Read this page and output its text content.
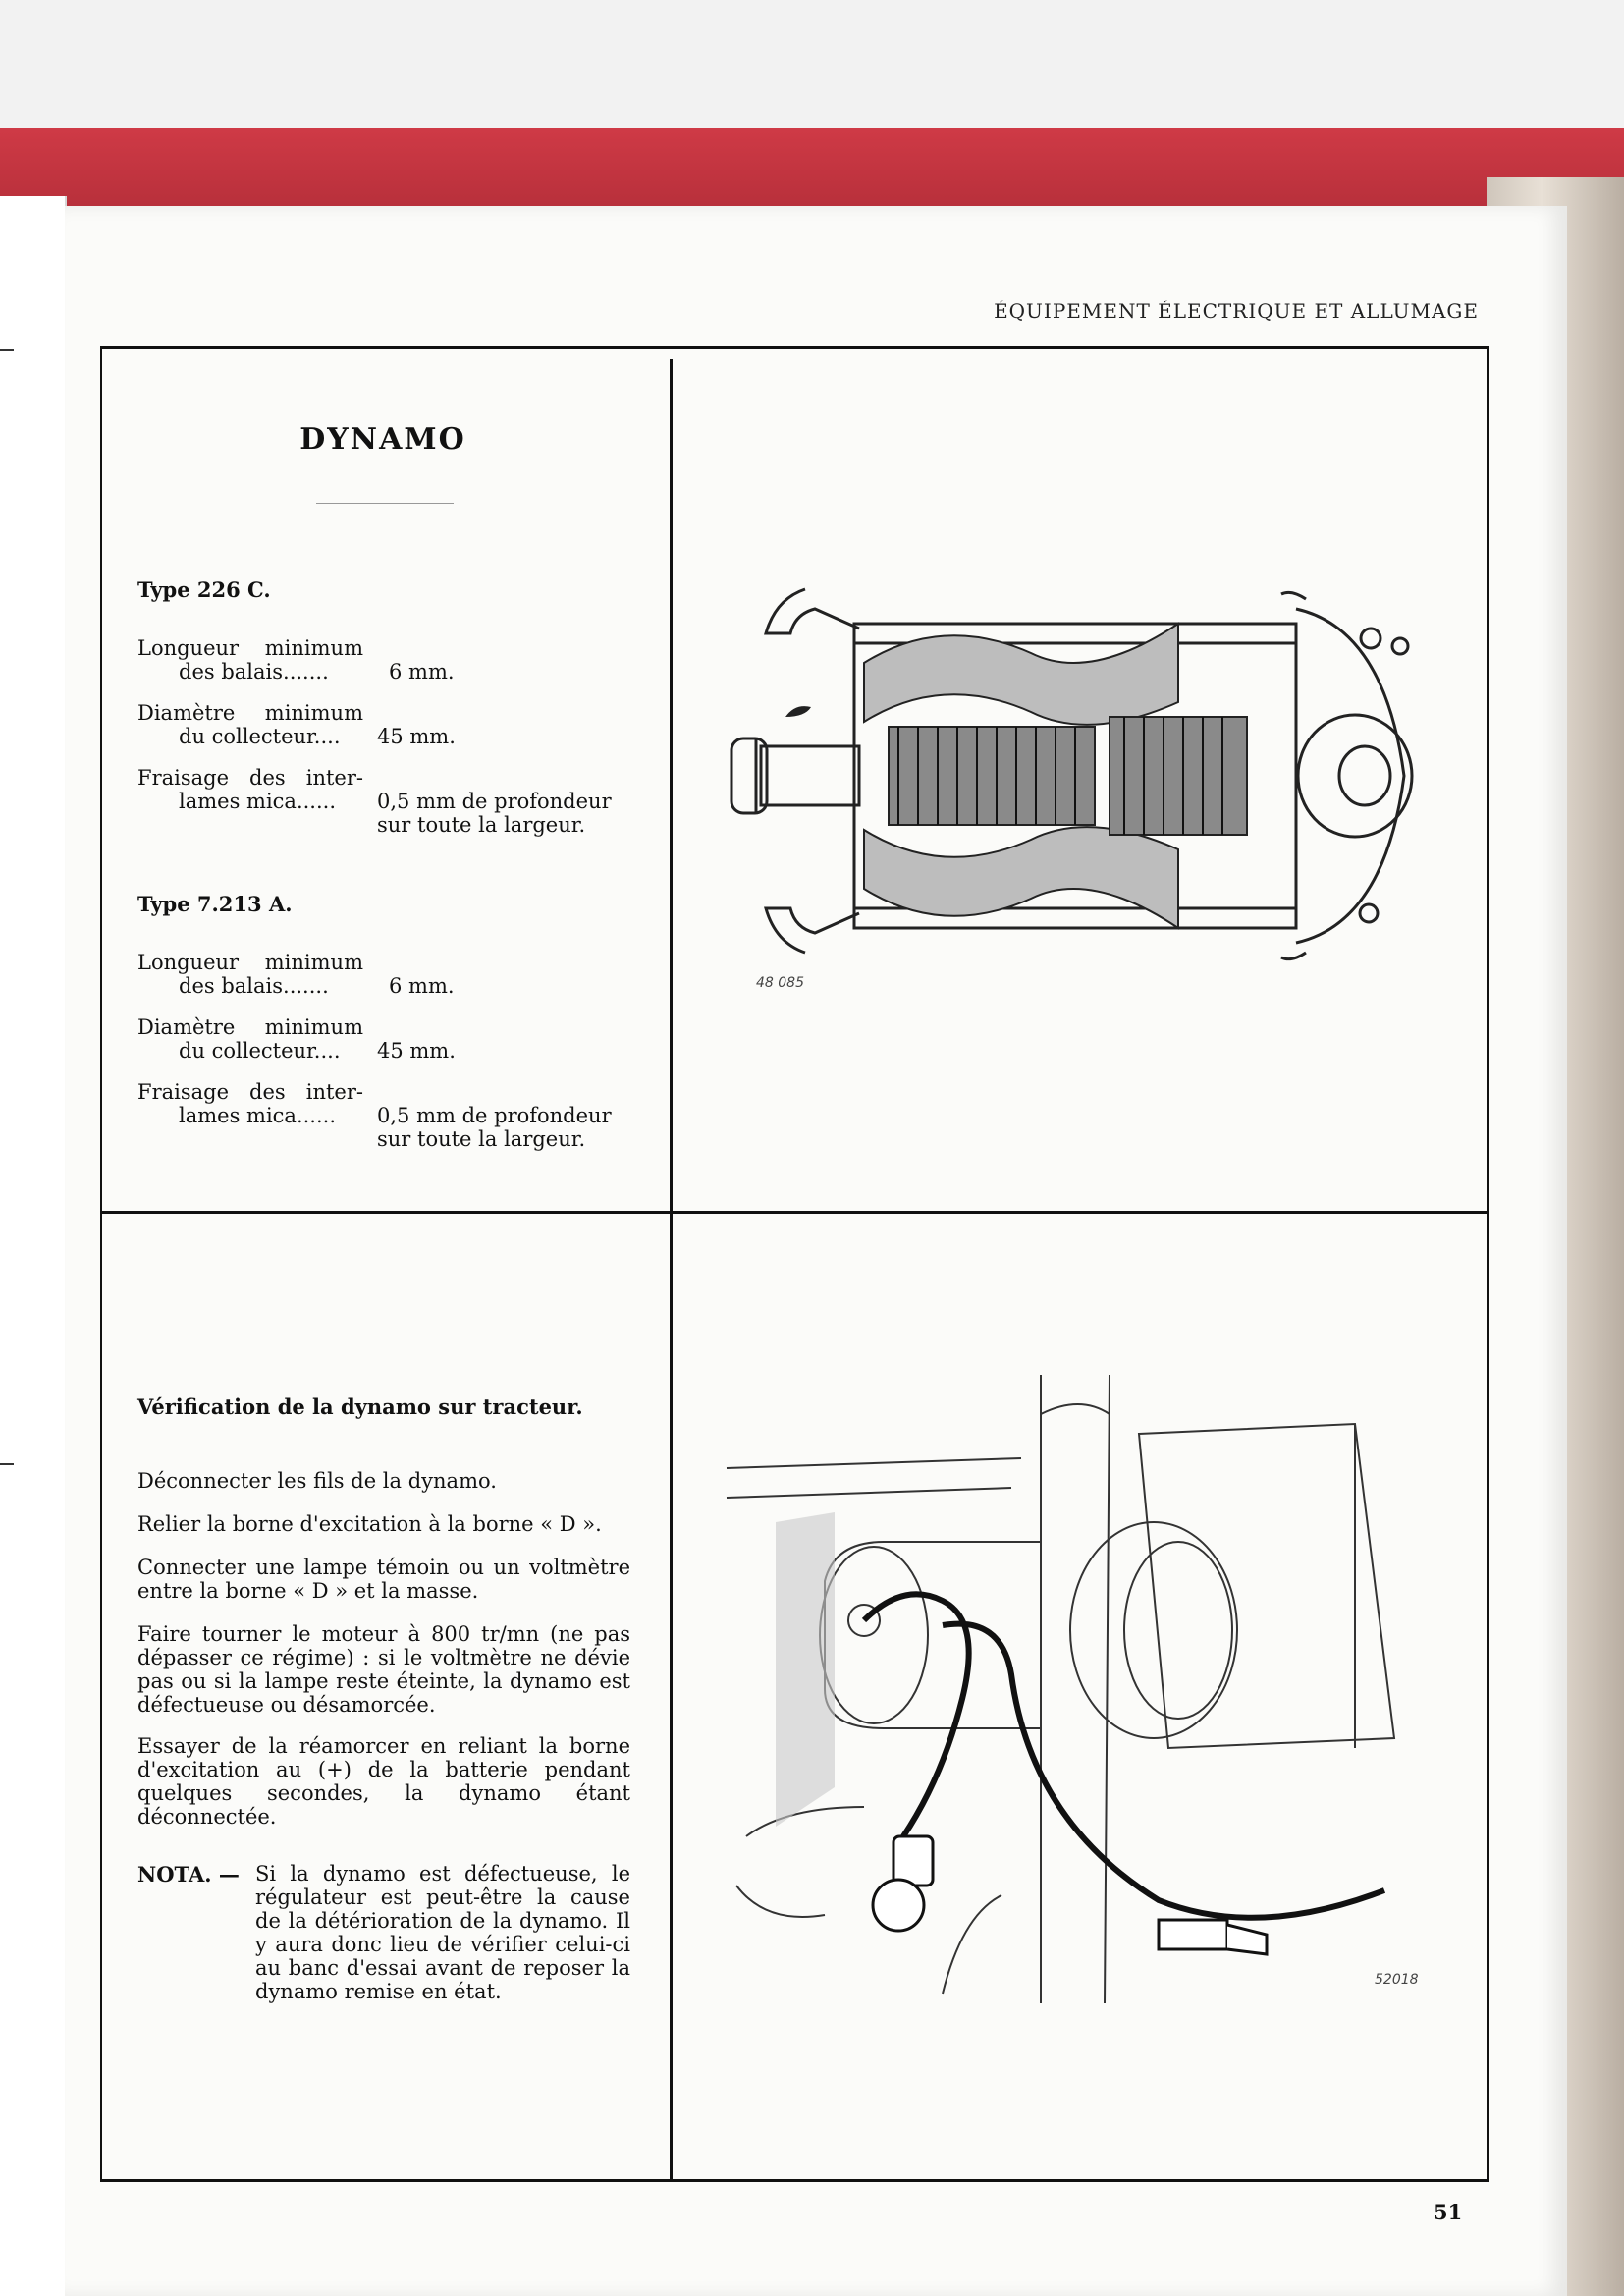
ÉQUIPEMENT ÉLECTRIQUE ET ALLUMAGE
DYNAMO
Type 226 C.
Longueur minimum
des balais.......	6 mm.
Diamètre minimum
du collecteur....	45 mm.
Fraisage des inter-
lames mica......	0,5 mm de profondeur
sur toute la largeur.
Type 7.213 A.
Longueur minimum
des balais.......	6 mm.
Diamètre minimum
du collecteur....	45 mm.
Fraisage des inter-
lames mica......	0,5 mm de profondeur
sur toute la largeur.
48 085
Vérification de la dynamo sur tracteur.
Déconnecter les fils de la dynamo.
Relier la borne d'excitation à la borne « D ».
Connecter une lampe témoin ou un voltmètre entre la borne « D » et la masse.
Faire tourner le moteur à 800 tr/mn (ne pas dépasser ce régime) : si le voltmètre ne dévie pas ou si la lampe reste éteinte, la dynamo est défectueuse ou désamorcée.
Essayer de la réamorcer en reliant la borne d'excitation au (+) de la batterie pendant quelques secondes, la dynamo étant déconnectée.
NOTA. — Si la dynamo est défectueuse, le régulateur est peut-être la cause de la détérioration de la dynamo. Il y aura donc lieu de vérifier celui-ci au banc d'essai avant de reposer la dynamo remise en état.	52018
51
